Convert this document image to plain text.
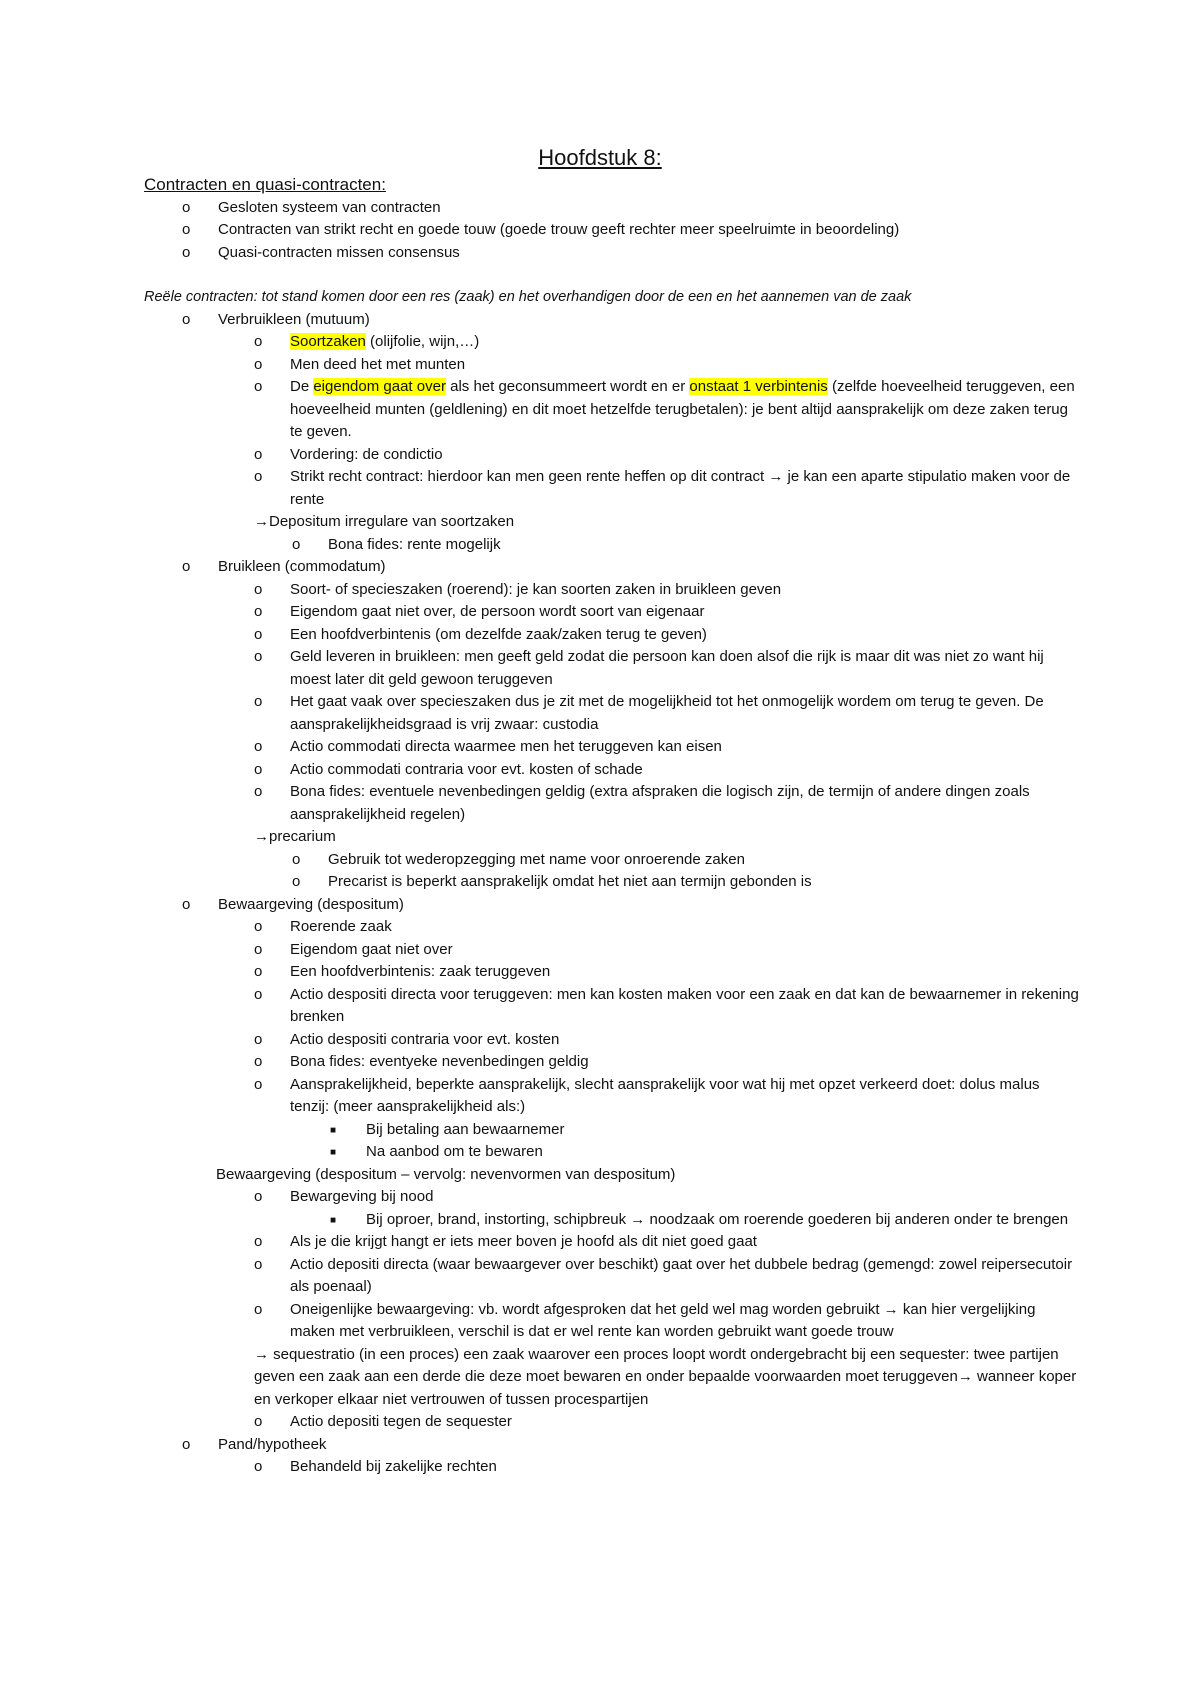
Hoofdstuk 8:
Contracten en quasi-contracten:
o	Gesloten systeem van contracten
o	Contracten van strikt recht en goede touw (goede trouw geeft rechter meer speelruimte in beoordeling)
o	Quasi-contracten missen consensus
Reële contracten: tot stand komen door een res (zaak) en het overhandigen door de een en het aannemen van de zaak
o	Verbruikleen (mutuum)
o	Soortzaken (olijfolie, wijn,…)
o	Men deed het met munten
o	De eigendom gaat over als het geconsummeert wordt en er onstaat 1 verbintenis (zelfde hoeveelheid teruggeven, een hoeveelheid munten (geldlening) en dit moet hetzelfde terugbetalen): je bent altijd aansprakelijk om deze zaken terug te geven.
o	Vordering: de condictio
o	Strikt recht contract: hierdoor kan men geen rente heffen op dit contract → je kan een aparte stipulatio maken voor de rente
→Depositum irregulare van soortzaken
o	Bona fides: rente mogelijk
o	Bruikleen (commodatum)
o	Soort- of specieszaken (roerend): je kan soorten zaken in bruikleen geven
o	Eigendom gaat niet over, de persoon wordt soort van eigenaar
o	Een hoofdverbintenis (om dezelfde zaak/zaken terug te geven)
o	Geld leveren in bruikleen: men geeft geld zodat die persoon kan doen alsof die rijk is maar dit was niet zo want hij moest later dit geld gewoon teruggeven
o	Het gaat vaak over specieszaken dus je zit met de mogelijkheid tot het onmogelijk wordem om terug te geven. De aansprakelijkheidsgraad is vrij zwaar: custodia
o	Actio commodati directa waarmee men het teruggeven kan eisen
o	Actio commodati contraria voor evt. kosten of schade
o	Bona fides: eventuele nevenbedingen geldig (extra afspraken die logisch zijn, de termijn of andere dingen zoals aansprakelijkheid regelen)
→precarium
o	Gebruik tot wederopzegging met name voor onroerende zaken
o	Precarist is beperkt aansprakelijk omdat het niet aan termijn gebonden is
o	Bewaargeving (despositum)
o	Roerende zaak
o	Eigendom gaat niet over
o	Een hoofdverbintenis: zaak teruggeven
o	Actio despositi directa voor teruggeven: men kan kosten maken voor een zaak en dat kan de bewaarnemer in rekening brenken
o	Actio despositi contraria voor evt. kosten
o	Bona fides: eventyeke nevenbedingen geldig
o	Aansprakelijkheid, beperkte aansprakelijk, slecht aansprakelijk voor wat hij met opzet verkeerd doet: dolus malus tenzij: (meer aansprakelijkheid als:)
■	Bij betaling aan bewaarnemer
■	Na aanbod om te bewaren
Bewaargeving (despositum – vervolg: nevenvormen van despositum)
o	Bewargeving bij nood
■	Bij oproer, brand, instorting, schipbreuk → noodzaak om roerende goederen bij anderen onder te brengen
o	Als je die krijgt hangt er iets meer boven je hoofd als dit niet goed gaat
o	Actio depositi directa (waar bewaargever over beschikt) gaat over het dubbele bedrag (gemengd: zowel reipersecutoir als poenaal)
o	Oneigenlijke bewaargeving: vb. wordt afgesproken dat het geld wel mag worden gebruikt → kan hier vergelijking maken met verbruikleen, verschil is dat er wel rente kan worden gebruikt want goede trouw
→ sequestratio (in een proces) een zaak waarover een proces loopt wordt ondergebracht bij een sequester: twee partijen geven een zaak aan een derde die deze moet bewaren en onder bepaalde voorwaarden moet teruggeven→ wanneer koper en verkoper elkaar niet vertrouwen of tussen procespartijen
o	Actio depositi tegen de sequester
o	Pand/hypotheek
o	Behandeld bij zakelijke rechten
